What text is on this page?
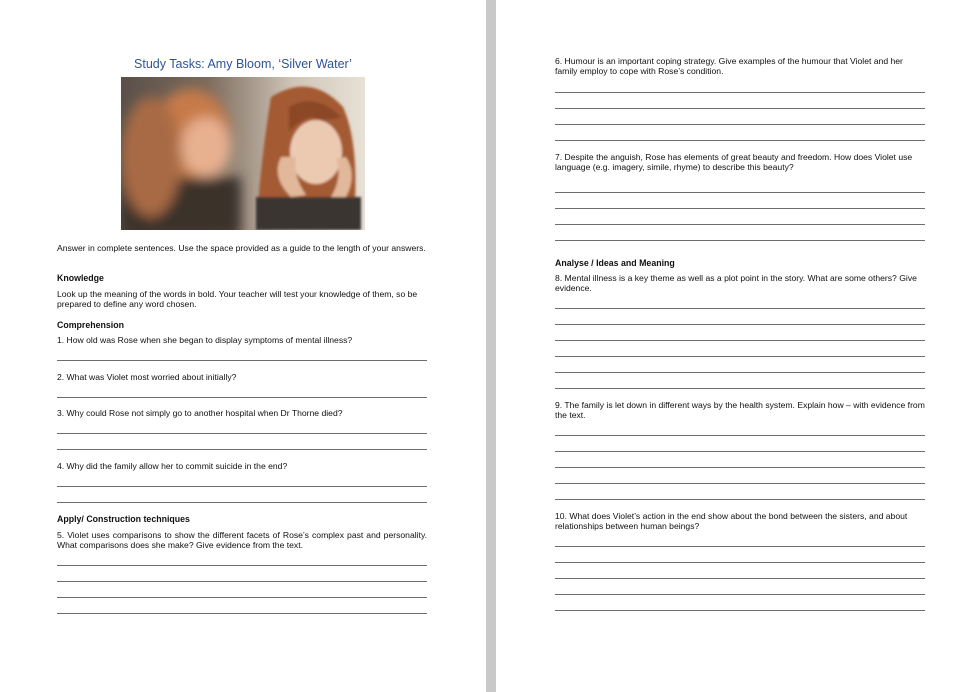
Study Tasks: Amy Bloom, ‘Silver Water’
Answer in complete sentences. Use the space provided as a guide to the length of your answers.
Knowledge
Look up the meaning of the words in bold. Your teacher will test your knowledge of them, so be prepared to define any word chosen.
Comprehension
1. How old was Rose when she began to display symptoms of mental illness?
2. What was Violet most worried about initially?
3. Why could Rose not simply go to another hospital when Dr Thorne died?
4. Why did the family allow her to commit suicide in the end?
Apply/ Construction techniques
5. Violet uses comparisons to show the different facets of Rose’s complex past and personality. What comparisons does she make? Give evidence from the text.
6. Humour is an important coping strategy. Give examples of the humour that Violet and her family employ to cope with Rose’s condition.
7. Despite the anguish, Rose has elements of great beauty and freedom. How does Violet use language (e.g. imagery, simile, rhyme) to describe this beauty?
Analyse / Ideas and Meaning
8. Mental illness is a key theme as well as a plot point in the story. What are some others? Give evidence.
9. The family is let down in different ways by the health system. Explain how – with evidence from the text.
10. What does Violet’s action in the end show about the bond between the sisters, and about relationships between human beings?
